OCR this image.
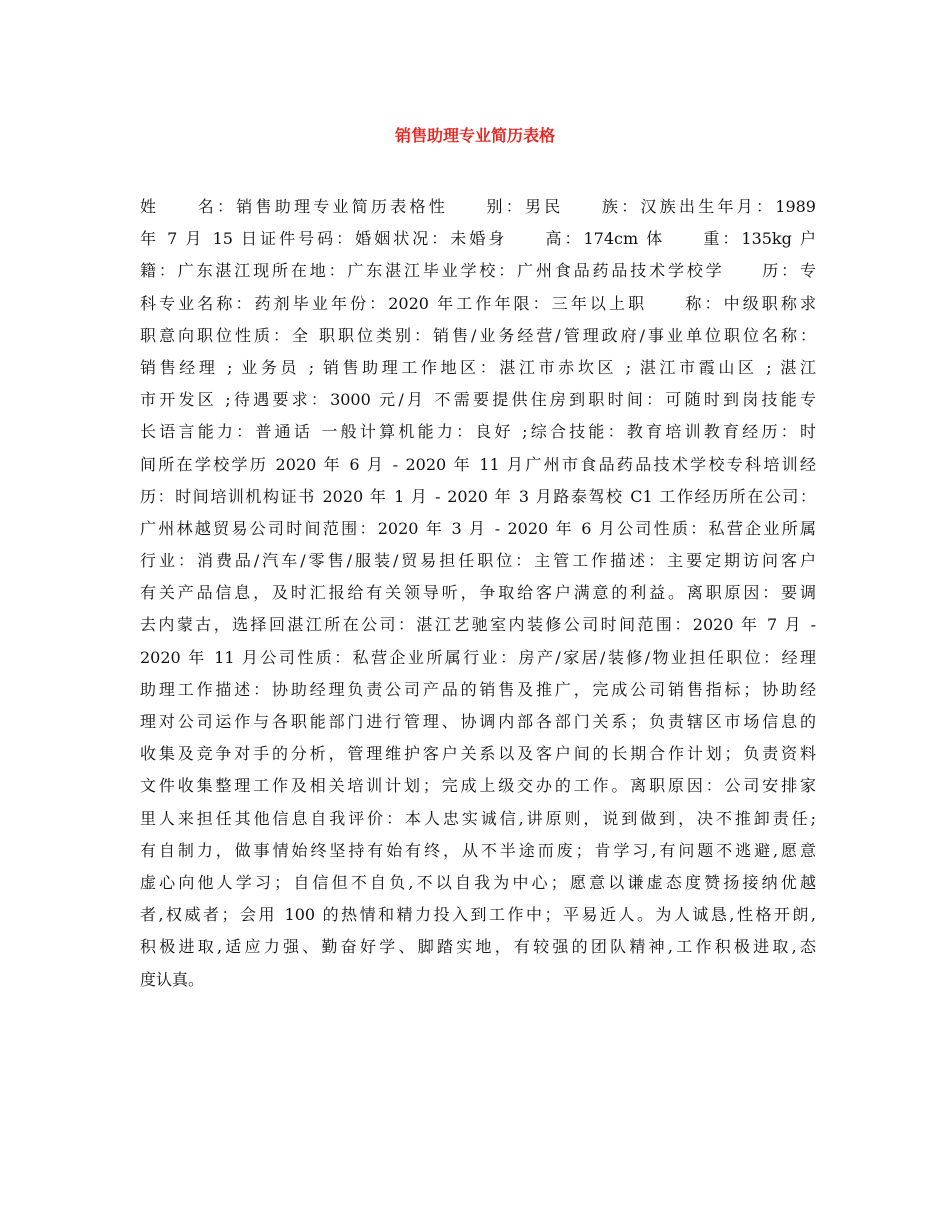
销售助理专业简历表格
姓　　名：销售助理专业简历表格性　　别：男民　　族：汉族出生年月：1989
年 7 月 15 日证件号码：婚姻状况：未婚身　　高：174cm 体　　重：135kg 户
籍：广东湛江现所在地：广东湛江毕业学校：广州食品药品技术学校学　　历：专
科专业名称：药剂毕业年份：2020 年工作年限：三年以上职　　称：中级职称求
职意向职位性质：全 职职位类别：销售/业务经营/管理政府/事业单位职位名称：
销售经理 ; 业务员 ; 销售助理工作地区：湛江市赤坎区 ; 湛江市霞山区 ; 湛江
市开发区 ;待遇要求：3000 元/月 不需要提供住房到职时间：可随时到岗技能专
长语言能力：普通话 一般计算机能力：良好 ;综合技能：教育培训教育经历：时
间所在学校学历 2020 年 6 月 - 2020 年 11 月广州市食品药品技术学校专科培训经
历：时间培训机构证书 2020 年 1 月 - 2020 年 3 月路泰驾校 C1 工作经历所在公司：
广州林越贸易公司时间范围：2020 年 3 月 - 2020 年 6 月公司性质：私营企业所属
行业：消费品/汽车/零售/服装/贸易担任职位：主管工作描述：主要定期访问客户
有关产品信息，及时汇报给有关领导听，争取给客户满意的利益。离职原因：要调
去内蒙古，选择回湛江所在公司：湛江艺驰室内装修公司时间范围：2020 年 7 月 -
2020 年 11 月公司性质：私营企业所属行业：房产/家居/装修/物业担任职位：经理
助理工作描述：协助经理负责公司产品的销售及推广，完成公司销售指标；协助经
理对公司运作与各职能部门进行管理、协调内部各部门关系；负责辖区市场信息的
收集及竞争对手的分析，管理维护客户关系以及客户间的长期合作计划；负责资料
文件收集整理工作及相关培训计划；完成上级交办的工作。离职原因：公司安排家
里人来担任其他信息自我评价：本人忠实诚信,讲原则，说到做到，决不推卸责任;
有自制力，做事情始终坚持有始有终，从不半途而废；肯学习,有问题不逃避,愿意
虚心向他人学习；自信但不自负,不以自我为中心；愿意以谦虚态度赞扬接纳优越
者,权威者；会用 100 的热情和精力投入到工作中；平易近人。为人诚恳,性格开朗,
积极进取,适应力强、勤奋好学、脚踏实地，有较强的团队精神,工作积极进取,态
度认真。
